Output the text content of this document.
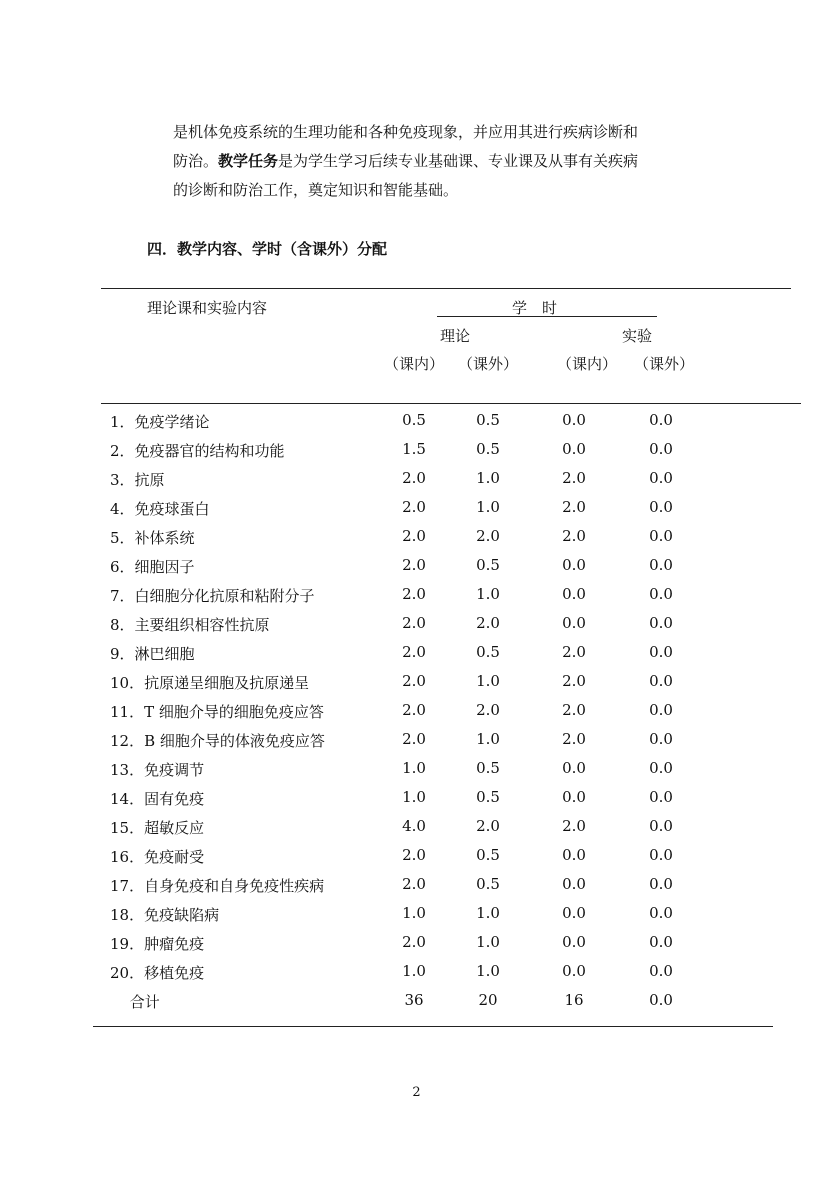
是机体免疫系统的生理功能和各种免疫现象，并应用其进行疾病诊断和

防治。教学任务是为学生学习后续专业基础课、专业课及从事有关疾病

的诊断和防治工作，奠定知识和智能基础。

四．教学内容、学时（含课外）分配
理论课和实验内容	学　时
理论	实验
（课内） （课外）	（课内） （课外）
1．免疫学绪论	0.5	0.5	0.0	0.0
2．免疫器官的结构和功能	1.5	0.5	0.0	0.0
3．抗原	2.0	1.0	2.0	0.0
4．免疫球蛋白	2.0	1.0	2.0	0.0
5．补体系统	2.0	2.0	2.0	0.0
6．细胞因子	2.0	0.5	0.0	0.0
7．白细胞分化抗原和粘附分子	2.0	1.0	0.0	0.0
8．主要组织相容性抗原	2.0	2.0	0.0	0.0
9．淋巴细胞	2.0	0.5	2.0	0.0
10．抗原递呈细胞及抗原递呈	2.0	1.0	2.0	0.0
11．T 细胞介导的细胞免疫应答	2.0	2.0	2.0	0.0
12．B 细胞介导的体液免疫应答	2.0	1.0	2.0	0.0
13．免疫调节	1.0	0.5	0.0	0.0
14．固有免疫	1.0	0.5	0.0	0.0
15．超敏反应	4.0	2.0	2.0	0.0
16．免疫耐受	2.0	0.5	0.0	0.0
17．自身免疫和自身免疫性疾病	2.0	0.5	0.0	0.0
18．免疫缺陷病	1.0	1.0	0.0	0.0
19．肿瘤免疫	2.0	1.0	0.0	0.0
20．移植免疫	1.0	1.0	0.0	0.0
　 合计	36	20	16	0.0
2
